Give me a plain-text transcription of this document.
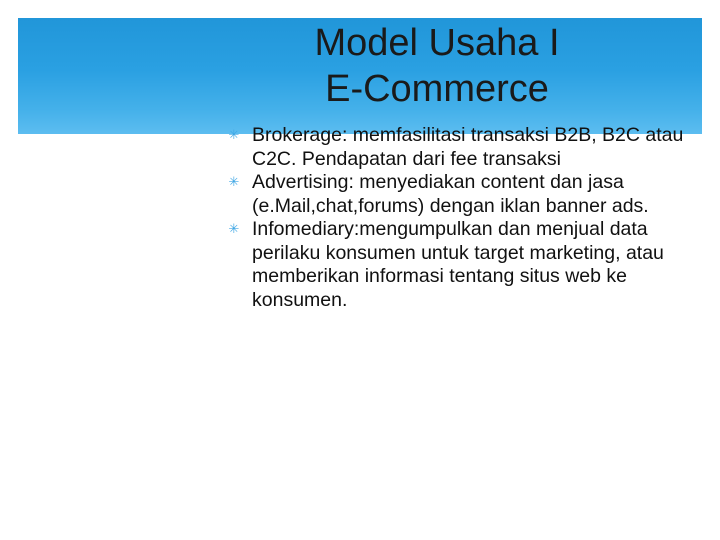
Model Usaha I
E-Commerce
✳ Brokerage: memfasilitasi transaksi B2B, B2C atau C2C. Pendapatan dari fee transaksi
✳ Advertising: menyediakan content dan jasa (e.Mail,chat,forums) dengan iklan banner ads.
✳ Infomediary:mengumpulkan dan menjual data perilaku konsumen untuk target marketing, atau memberikan informasi tentang situs web ke konsumen.
